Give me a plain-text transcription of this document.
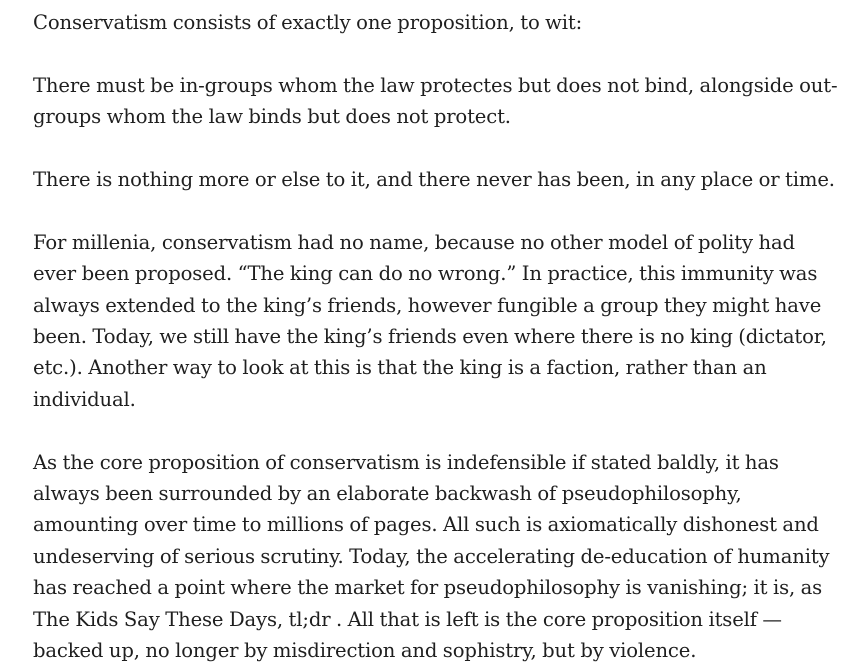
Conservatism consists of exactly one proposition, to wit:

There must be in-groups whom the law protectes but does not bind, alongside out-groups whom the law binds but does not protect.

There is nothing more or else to it, and there never has been, in any place or time.

For millenia, conservatism had no name, because no other model of polity had ever been proposed. “The king can do no wrong.” In practice, this immunity was always extended to the king’s friends, however fungible a group they might have been. Today, we still have the king’s friends even where there is no king (dictator, etc.). Another way to look at this is that the king is a faction, rather than an individual.

As the core proposition of conservatism is indefensible if stated baldly, it has always been surrounded by an elaborate backwash of pseudophilosophy, amounting over time to millions of pages. All such is axiomatically dishonest and undeserving of serious scrutiny. Today, the accelerating de-education of humanity has reached a point where the market for pseudophilosophy is vanishing; it is, as The Kids Say These Days, tl;dr . All that is left is the core proposition itself — backed up, no longer by misdirection and sophistry, but by violence.
